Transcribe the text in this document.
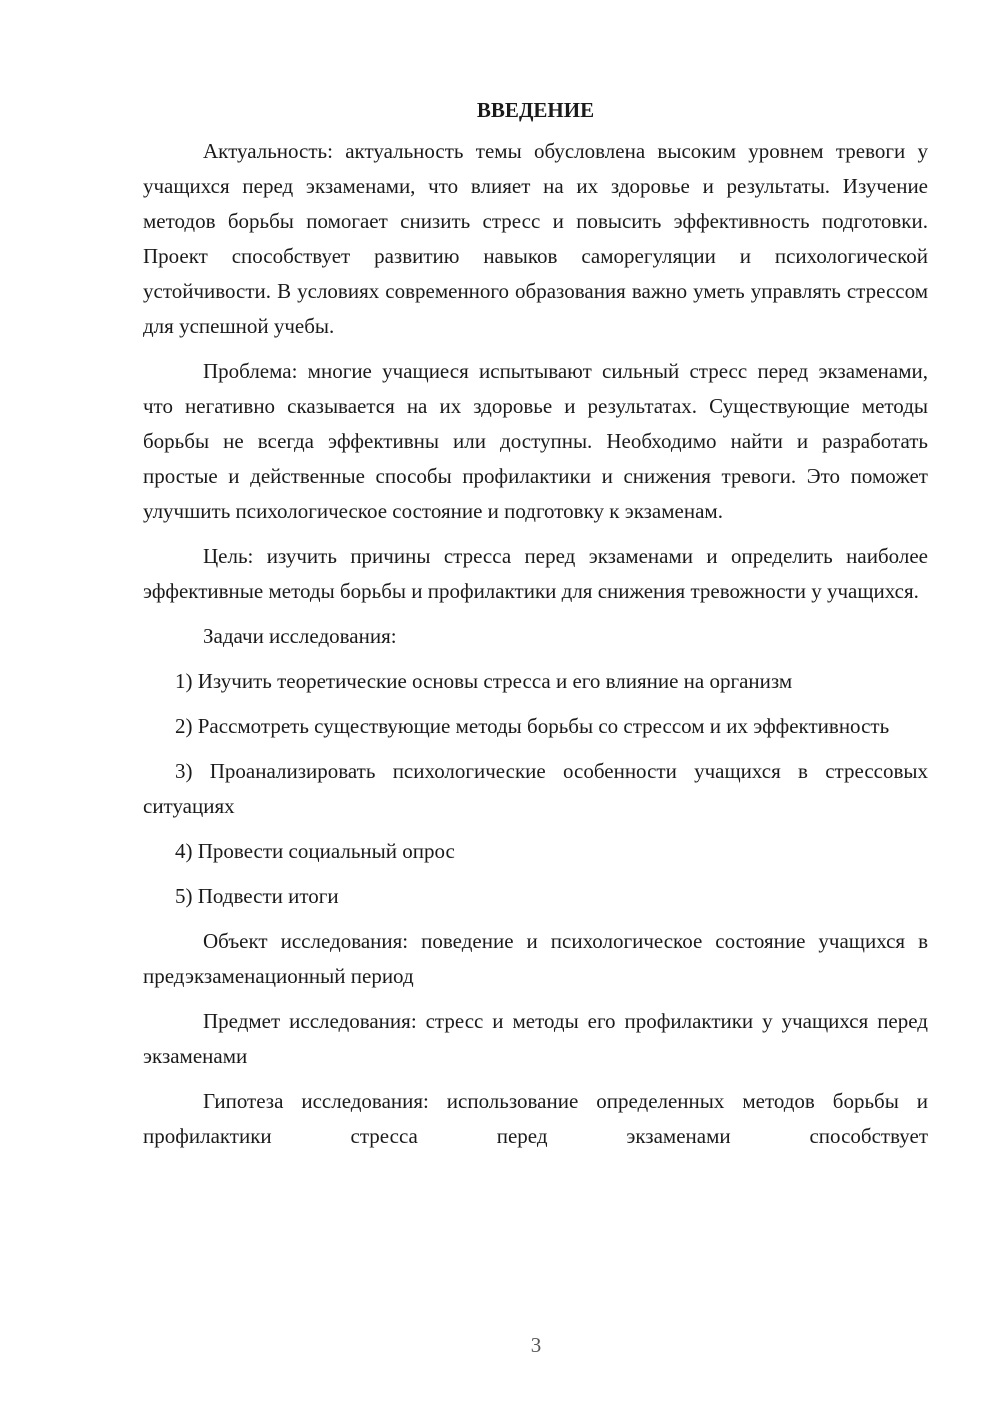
ВВЕДЕНИЕ

Актуальность: актуальность темы обусловлена высоким уровнем тревоги у учащихся перед экзаменами, что влияет на их здоровье и результаты. Изучение методов борьбы помогает снизить стресс и повысить эффективность подготовки. Проект способствует развитию навыков саморегуляции и психологической устойчивости. В условиях современного образования важно уметь управлять стрессом для успешной учебы.

Проблема: многие учащиеся испытывают сильный стресс перед экзаменами, что негативно сказывается на их здоровье и результатах. Существующие методы борьбы не всегда эффективны или доступны. Необходимо найти и разработать простые и действенные способы профилактики и снижения тревоги. Это поможет улучшить психологическое состояние и подготовку к экзаменам.

Цель: изучить причины стресса перед экзаменами и определить наиболее эффективные методы борьбы и профилактики для снижения тревожности у учащихся.

Задачи исследования:

1) Изучить теоретические основы стресса и его влияние на организм

2) Рассмотреть существующие методы борьбы со стрессом и их эффективность

3) Проанализировать психологические особенности учащихся в стрессовых ситуациях

4) Провести социальный опрос

5) Подвести итоги

Объект исследования: поведение и психологическое состояние учащихся в предэкзаменационный период

Предмет исследования: стресс и методы его профилактики у учащихся перед экзаменами

Гипотеза исследования: использование определенных методов борьбы и профилактики стресса перед экзаменами способствует

3
